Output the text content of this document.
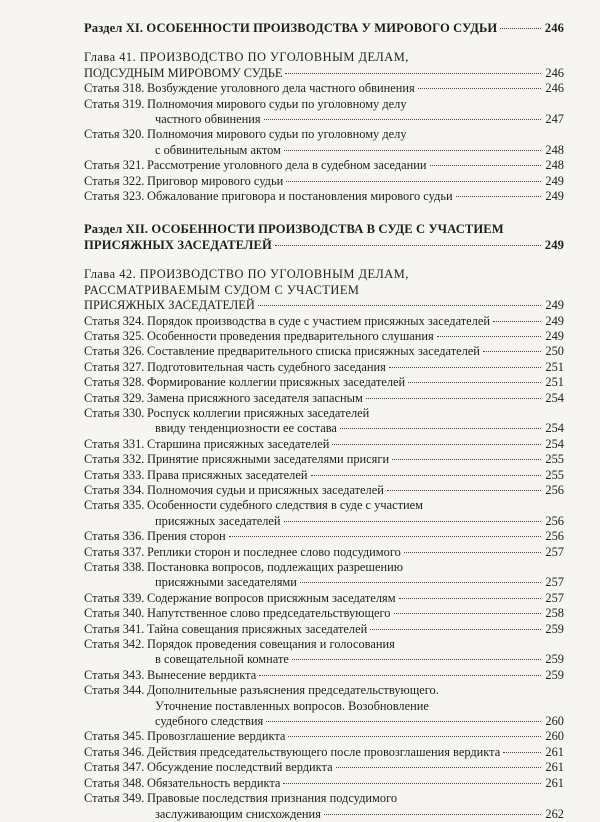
Раздел XI. ОСОБЕННОСТИ ПРОИЗВОДСТВА У МИРОВОГО СУДЬИ	246
Глава 41. ПРОИЗВОДСТВО ПО УГОЛОВНЫМ ДЕЛАМ,
ПОДСУДНЫМ МИРОВОМУ СУДЬЕ	246
Статья 318. Возбуждение уголовного дела частного обвинения	246
Статья 319. Полномочия мирового судьи по уголовному делу
частного обвинения	247
Статья 320. Полномочия мирового судьи по уголовному делу
с обвинительным актом	248
Статья 321. Рассмотрение уголовного дела в судебном заседании	248
Статья 322. Приговор мирового судьи	249
Статья 323. Обжалование приговора и постановления мирового судьи	249
Раздел XII. ОСОБЕННОСТИ ПРОИЗВОДСТВА В СУДЕ С УЧАСТИЕМ
ПРИСЯЖНЫХ ЗАСЕДАТЕЛЕЙ	249
Глава 42. ПРОИЗВОДСТВО ПО УГОЛОВНЫМ ДЕЛАМ,
РАССМАТРИВАЕМЫМ СУДОМ С УЧАСТИЕМ
ПРИСЯЖНЫХ ЗАСЕДАТЕЛЕЙ	249
Статья 324. Порядок производства в суде с участием присяжных заседателей	249
Статья 325. Особенности проведения предварительного слушания	249
Статья 326. Составление предварительного списка присяжных заседателей	250
Статья 327. Подготовительная часть судебного заседания	251
Статья 328. Формирование коллегии присяжных заседателей	251
Статья 329. Замена присяжного заседателя запасным	254
Статья 330. Роспуск коллегии присяжных заседателей
ввиду тенденциозности ее состава	254
Статья 331. Старшина присяжных заседателей	254
Статья 332. Принятие присяжными заседателями присяги	255
Статья 333. Права присяжных заседателей	255
Статья 334. Полномочия судьи и присяжных заседателей	256
Статья 335. Особенности судебного следствия в суде с участием
присяжных заседателей	256
Статья 336. Прения сторон	256
Статья 337. Реплики сторон и последнее слово подсудимого	257
Статья 338. Постановка вопросов, подлежащих разрешению
присяжными заседателями	257
Статья 339. Содержание вопросов присяжным заседателям	257
Статья 340. Напутственное слово председательствующего	258
Статья 341. Тайна совещания присяжных заседателей	259
Статья 342. Порядок проведения совещания и голосования
в совещательной комнате	259
Статья 343. Вынесение вердикта	259
Статья 344. Дополнительные разъяснения председательствующего.
Уточнение поставленных вопросов. Возобновление
судебного следствия	260
Статья 345. Провозглашение вердикта	260
Статья 346. Действия председательствующего после провозглашения вердикта	261
Статья 347. Обсуждение последствий вердикта	261
Статья 348. Обязательность вердикта	261
Статья 349. Правовые последствия признания подсудимого
заслуживающим снисхождения	262
